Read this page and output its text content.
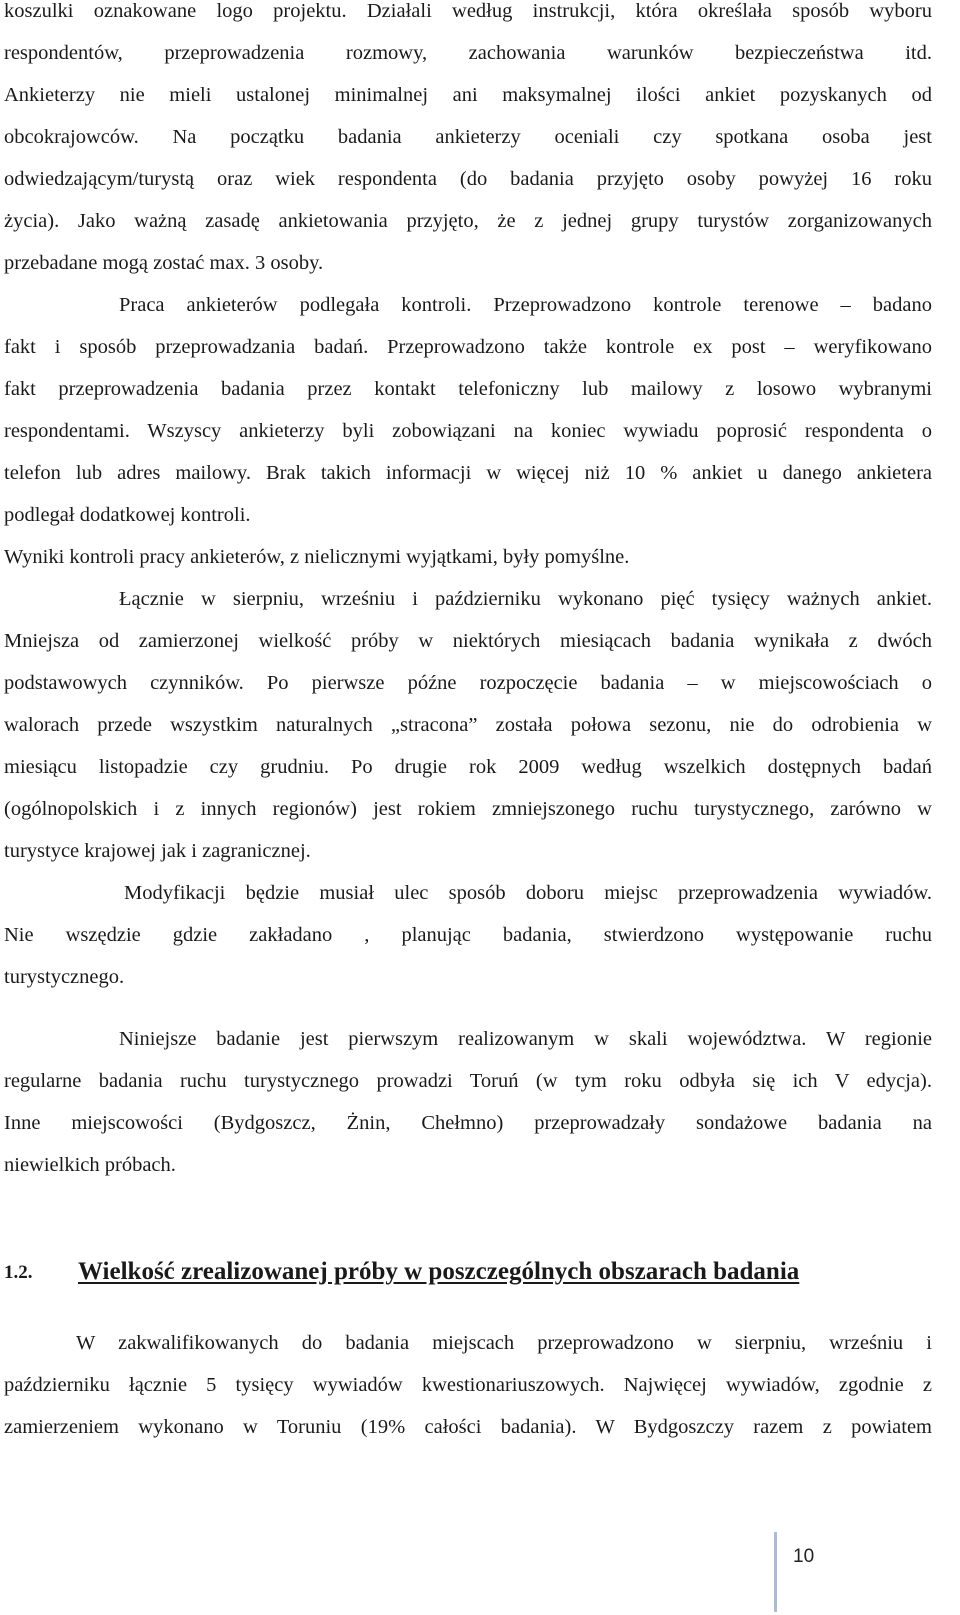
koszulki oznakowane logo projektu. Działali według instrukcji, która określała sposób wyboru
respondentów, przeprowadzenia rozmowy, zachowania warunków bezpieczeństwa itd.
Ankieterzy nie mieli ustalonej minimalnej ani maksymalnej ilości ankiet pozyskanych od
obcokrajowców. Na początku badania ankieterzy oceniali czy spotkana osoba jest
odwiedzającym/turystą oraz wiek respondenta (do badania przyjęto osoby powyżej 16 roku
życia). Jako ważną zasadę ankietowania przyjęto, że z jednej grupy turystów zorganizowanych
przebadane mogą zostać max. 3 osoby.
Praca ankieterów podlegała kontroli. Przeprowadzono kontrole terenowe – badano
fakt i sposób przeprowadzania badań. Przeprowadzono także kontrole ex post – weryfikowano
fakt przeprowadzenia badania przez kontakt telefoniczny lub mailowy z losowo wybranymi
respondentami. Wszyscy ankieterzy byli zobowiązani na koniec wywiadu poprosić respondenta o
telefon lub adres mailowy. Brak takich informacji w więcej niż 10 % ankiet u danego ankietera
podlegał dodatkowej kontroli.
Wyniki kontroli pracy ankieterów, z nielicznymi wyjątkami, były pomyślne.
Łącznie w sierpniu, wrześniu i październiku wykonano pięć tysięcy ważnych ankiet.
Mniejsza od zamierzonej wielkość próby w niektórych miesiącach badania wynikała z dwóch
podstawowych czynników. Po pierwsze późne rozpoczęcie badania – w miejscowościach o
walorach przede wszystkim naturalnych „stracona” została połowa sezonu, nie do odrobienia w
miesiącu listopadzie czy grudniu. Po drugie rok 2009 według wszelkich dostępnych badań
(ogólnopolskich i z innych regionów) jest rokiem zmniejszonego ruchu turystycznego, zarówno w
turystyce krajowej jak i zagranicznej.
Modyfikacji będzie musiał ulec sposób doboru miejsc przeprowadzenia wywiadów.
Nie wszędzie gdzie zakładano , planując badania, stwierdzono występowanie ruchu
turystycznego.
Niniejsze badanie jest pierwszym realizowanym w skali województwa. W regionie
regularne badania ruchu turystycznego prowadzi Toruń (w tym roku odbyła się ich V edycja).
Inne miejscowości (Bydgoszcz, Żnin, Chełmno) przeprowadzały sondażowe badania na
niewielkich próbach.
1.2. Wielkość zrealizowanej próby w poszczególnych obszarach badania
W zakwalifikowanych do badania miejscach przeprowadzono w sierpniu, wrześniu i
październiku łącznie 5 tysięcy wywiadów kwestionariuszowych. Najwięcej wywiadów, zgodnie z
zamierzeniem wykonano w Toruniu (19% całości badania). W Bydgoszczy razem z powiatem
10
